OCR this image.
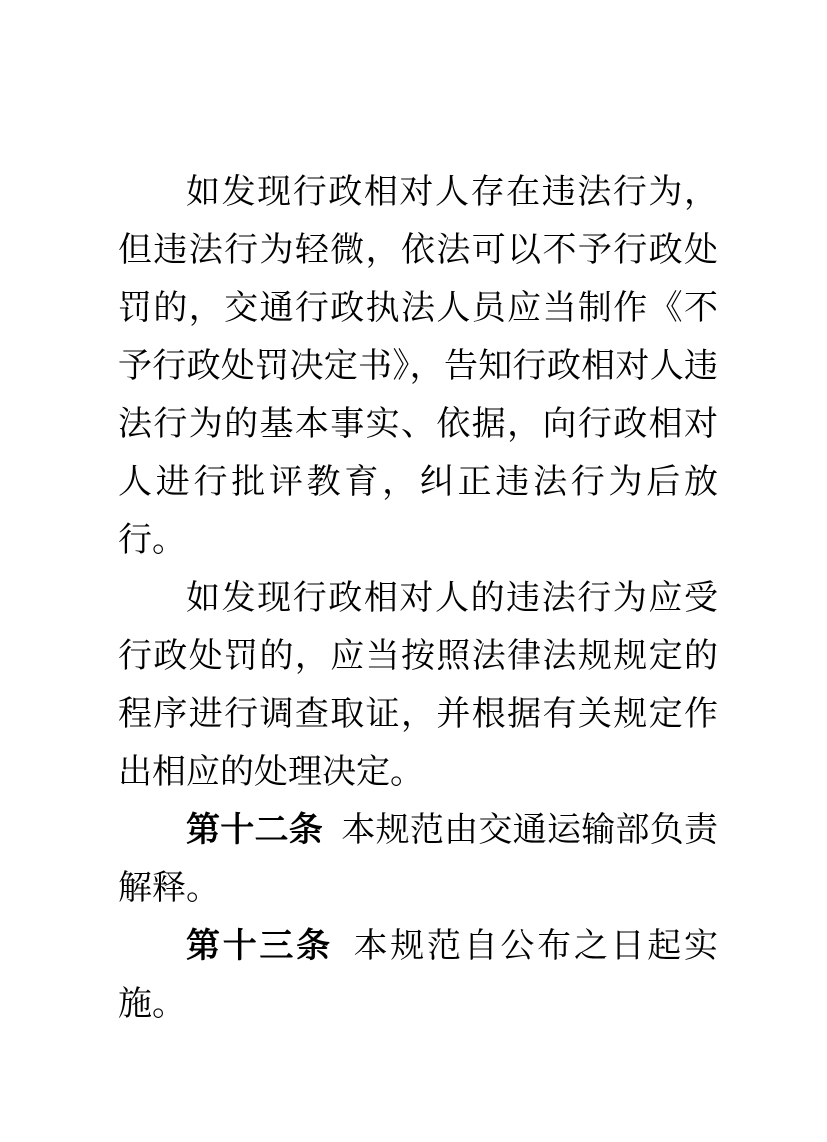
如发现行政相对人存在违法行为，但违法行为轻微，依法可以不予行政处罚的，交通行政执法人员应当制作《不予行政处罚决定书》，告知行政相对人违法行为的基本事实、依据，向行政相对人进行批评教育，纠正违法行为后放行。

如发现行政相对人的违法行为应受行政处罚的，应当按照法律法规规定的程序进行调查取证，并根据有关规定作出相应的处理决定。

第十二条 本规范由交通运输部负责解释。

第十三条 本规范自公布之日起实施。
